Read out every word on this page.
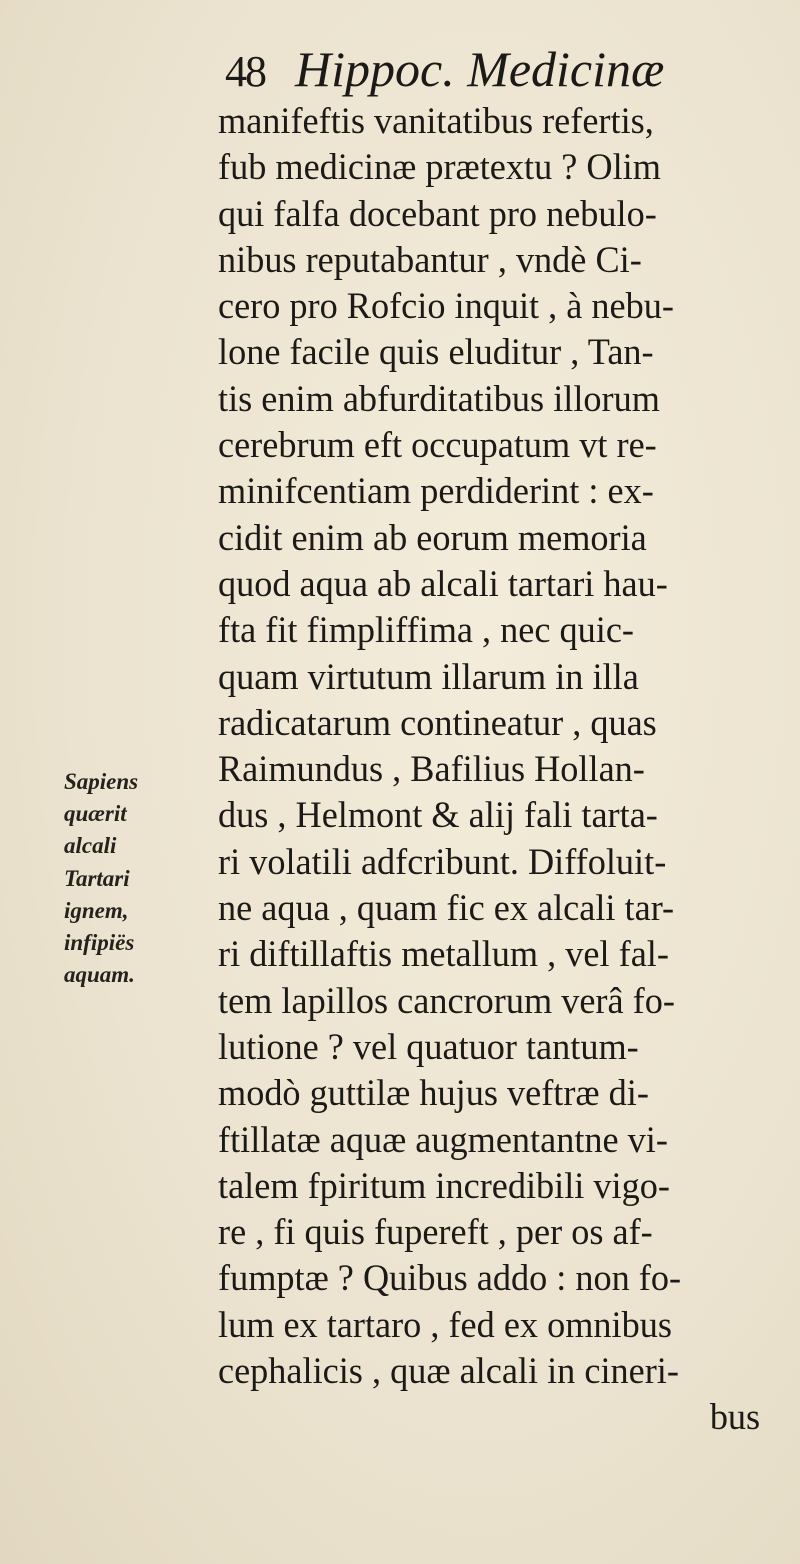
48 Hippoc. Medicinæ
Sapiens
quærit
alcali
Tartari
ignem,
infipiës
aquam.
manifeftis vanitatibus refertis,
fub medicinæ prætextu ? Olim
qui falfa docebant pro nebulo-
nibus reputabantur , vndè Ci-
cero pro Rofcio inquit , à nebu-
lone facile quis eluditur , Tan-
tis enim abfurditatibus illorum
cerebrum eft occupatum vt re-
minifcentiam perdiderint : ex-
cidit enim ab eorum memoria
quod aqua ab alcali tartari hau-
fta fit fimpliffima , nec quic-
quam virtutum illarum in illa
radicatarum contineatur , quas
Raimundus , Bafilius Hollan-
dus , Helmont & alij fali tarta-
ri volatili adfcribunt. Diffoluit-
ne aqua , quam fic ex alcali tar-
ri diftillaftis metallum , vel fal-
tem lapillos cancrorum verâ fo-
lutione ? vel quatuor tantum-
modò guttilæ hujus veftræ di-
ftillatæ aquæ augmentantne vi-
talem fpiritum incredibili vigo-
re , fi quis fupereft , per os af-
fumptæ ? Quibus addo : non fo-
lum ex tartaro , fed ex omnibus
cephalicis , quæ alcali in cineri-
bus
